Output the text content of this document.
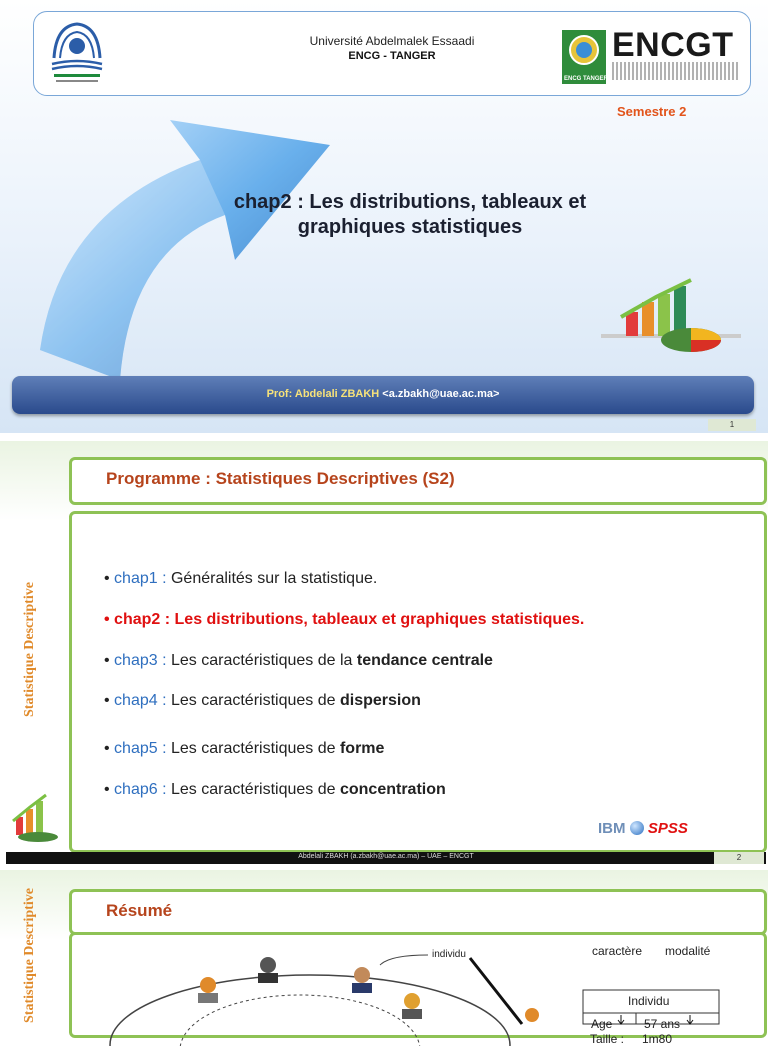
Université Abdelmalek Essaadi
ENCG - TANGER
ENCG TANGER
ENCGT
Semestre 2
chap2 : Les distributions, tableaux et
graphiques statistiques
Prof: Abdelali ZBAKH <a.zbakh@uae.ac.ma>
1
Programme : Statistiques Descriptives (S2)
Statistique Descriptive
• chap1 : Généralités sur la statistique.
• chap2 : Les distributions, tableaux et graphiques statistiques.
• chap3 : Les caractéristiques de la tendance centrale
• chap4 : Les caractéristiques de dispersion
• chap5 : Les caractéristiques de forme
• chap6 : Les caractéristiques de concentration
IBM SPSS
Abdelali ZBAKH (a.zbakh@uae.ac.ma) – UAE – ENCGT	2
Résumé
Statistique Descriptive	individu	caractère modalité
Individu
Age	57 ans
Taille : 1m80
